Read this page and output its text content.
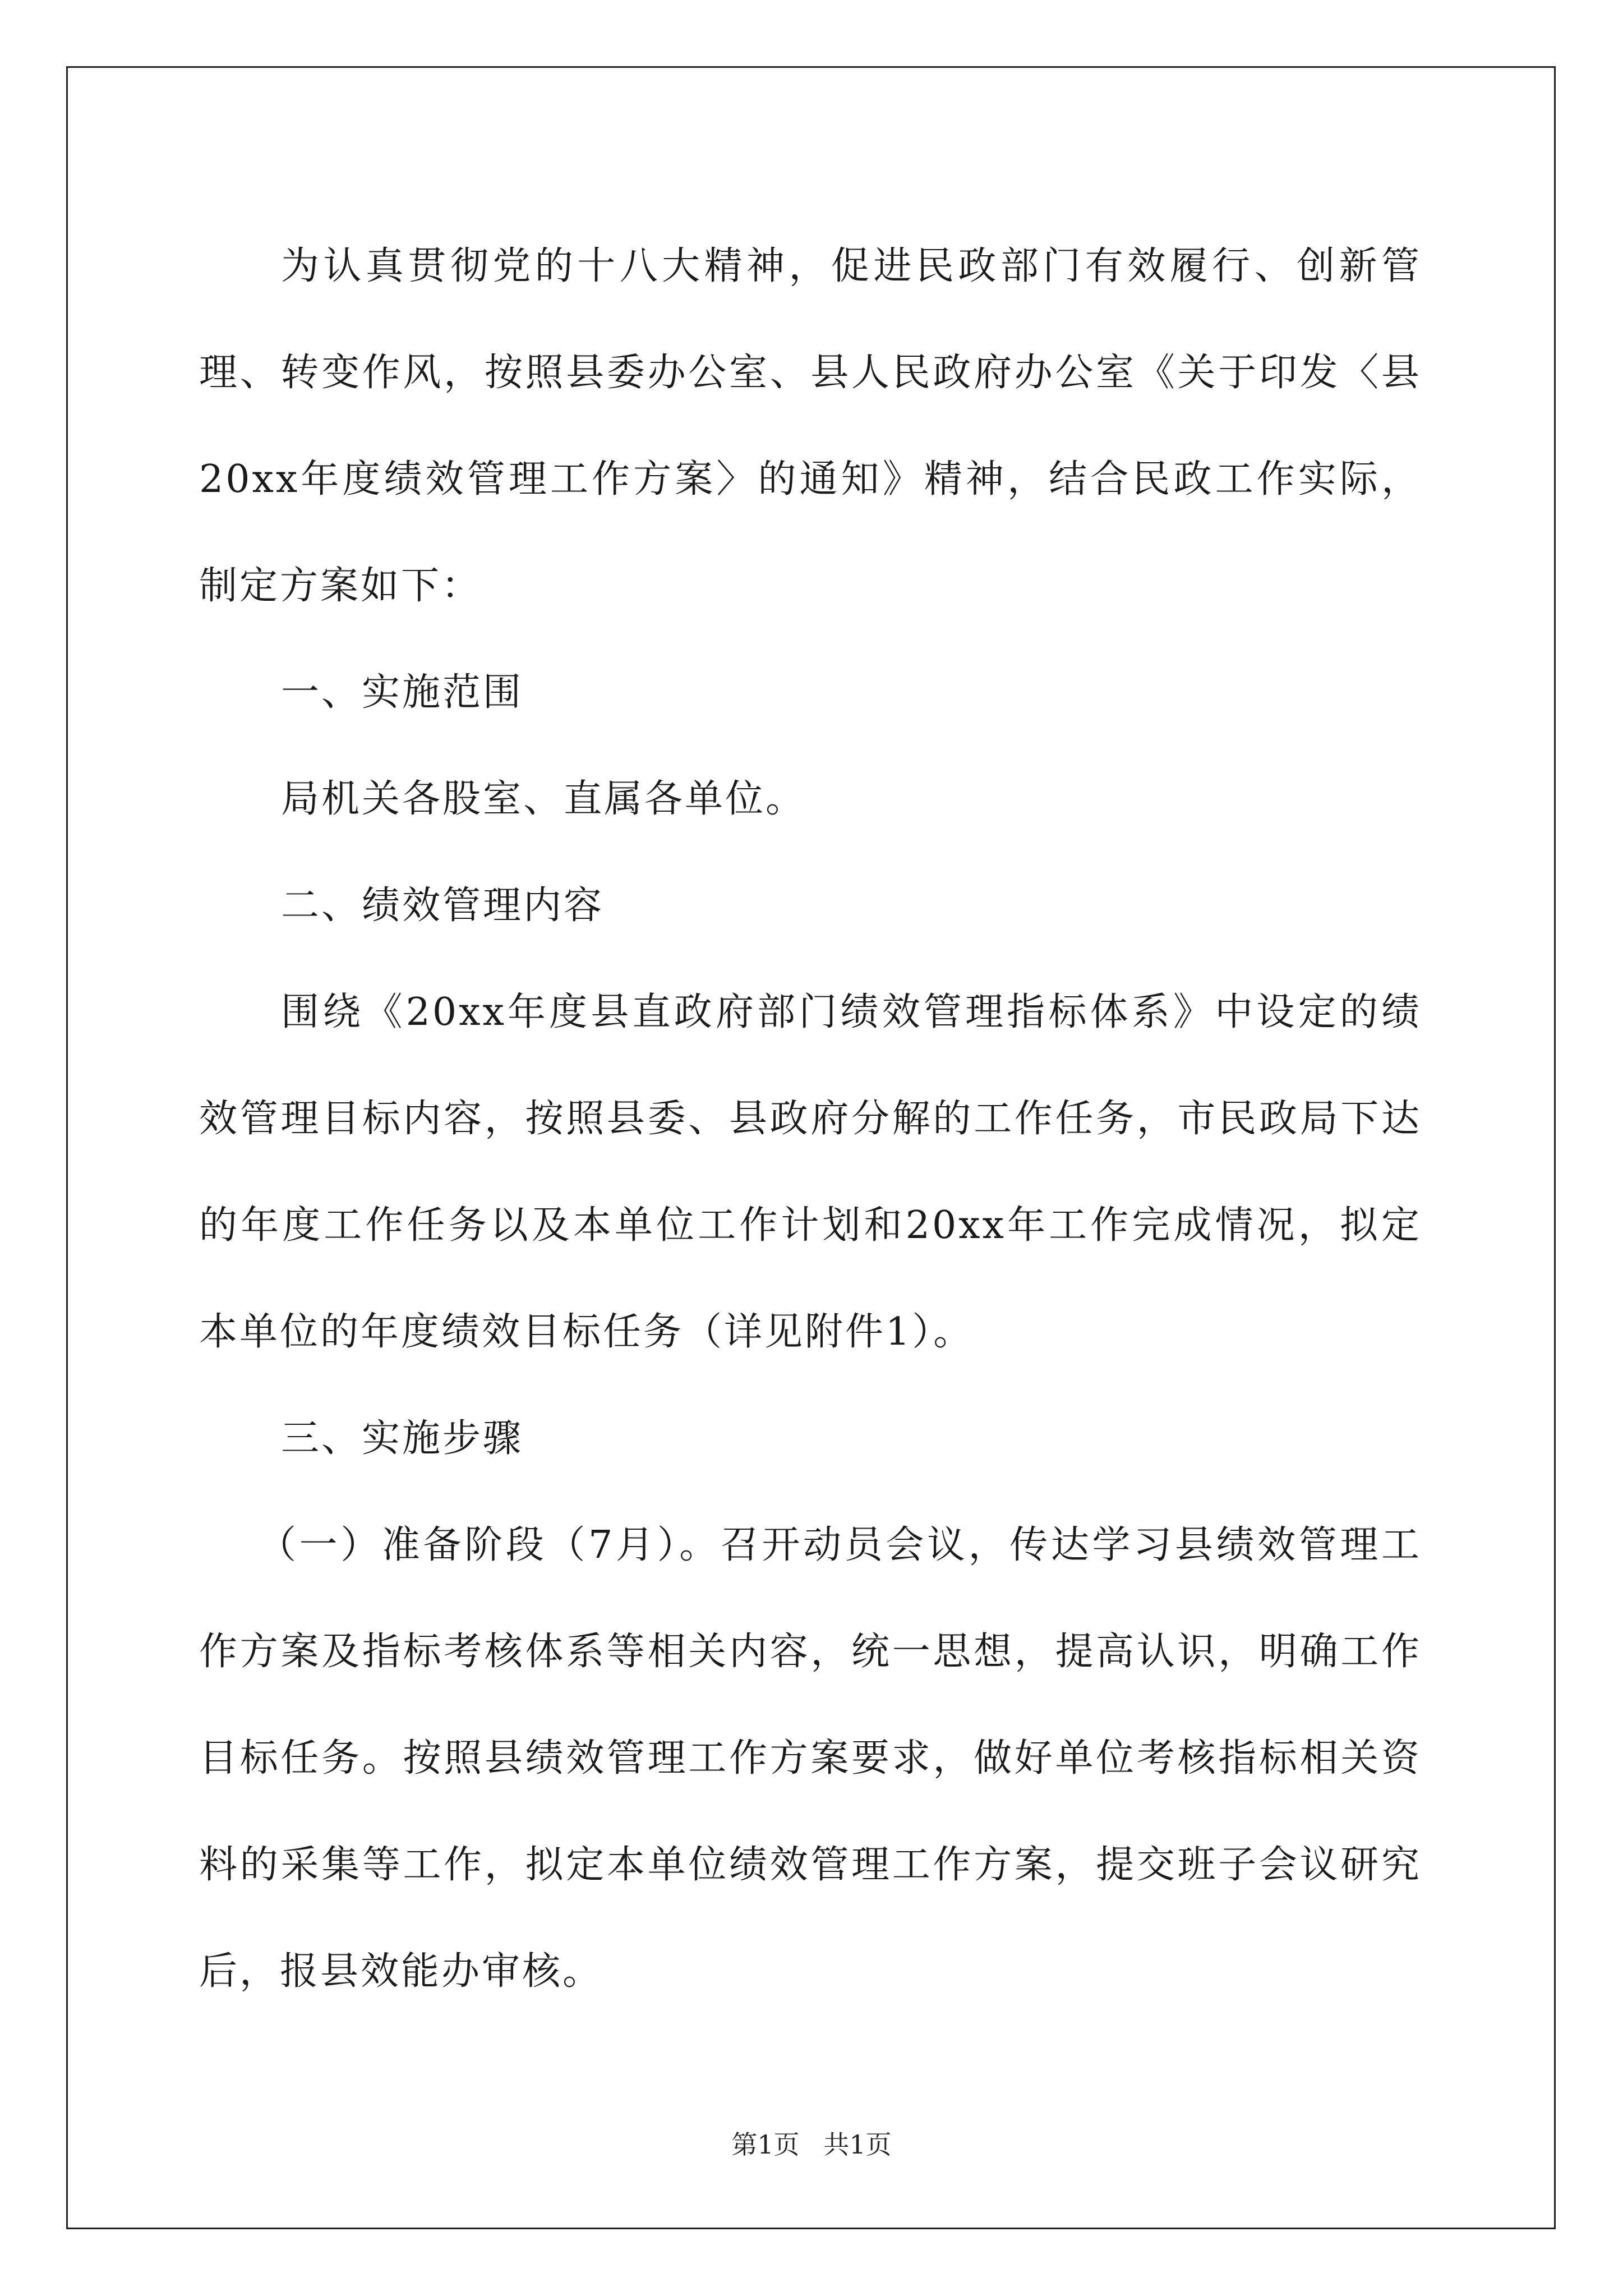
为认真贯彻党的十八大精神，促进民政部门有效履行、创新管理、转变作风，按照县委办公室、县人民政府办公室《关于印发〈县20xx年度绩效管理工作方案〉的通知》精神，结合民政工作实际，制定方案如下：

一、实施范围

局机关各股室、直属各单位。

二、绩效管理内容

围绕《20xx年度县直政府部门绩效管理指标体系》中设定的绩效管理目标内容，按照县委、县政府分解的工作任务，市民政局下达的年度工作任务以及本单位工作计划和20xx年工作完成情况，拟定本单位的年度绩效目标任务（详见附件1）。

三、实施步骤

（一）准备阶段（7月）。召开动员会议，传达学习县绩效管理工作方案及指标考核体系等相关内容，统一思想，提高认识，明确工作目标任务。按照县绩效管理工作方案要求，做好单位考核指标相关资料的采集等工作，拟定本单位绩效管理工作方案，提交班子会议研究后，报县效能办审核。

第1页 共1页
